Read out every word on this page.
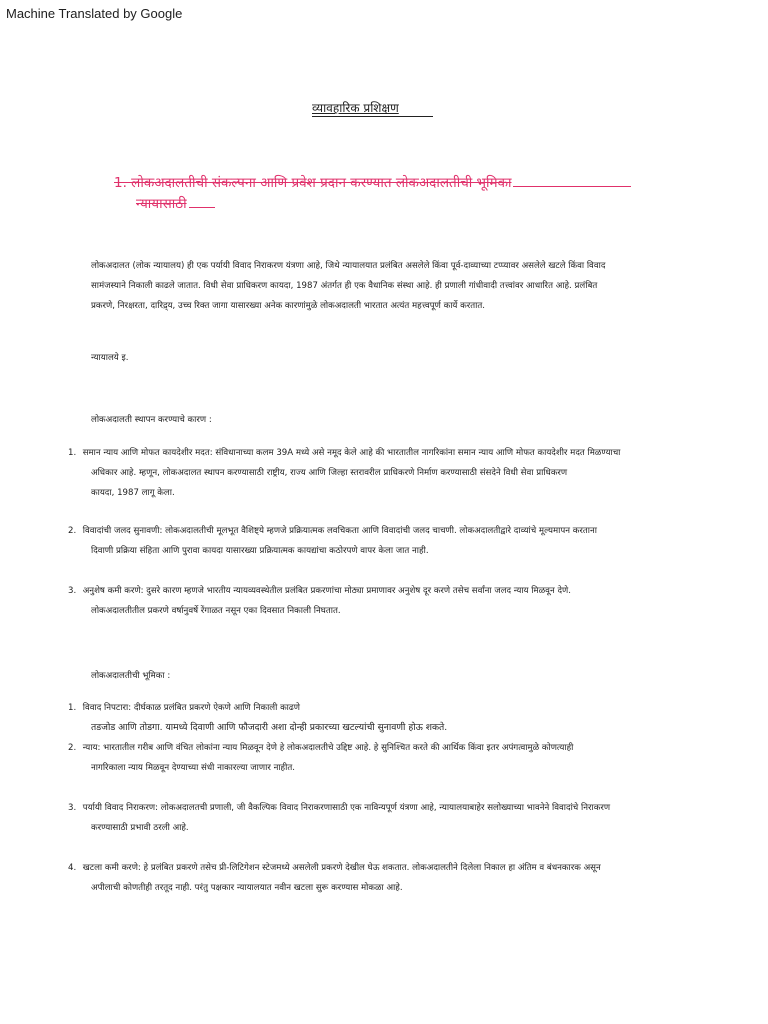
Machine Translated by Google
व्यावहारिक प्रशिक्षण
1. लोकअदालतीची संकल्पना आणि प्रवेश प्रदान करण्यात लोकअदालतीची भूमिका
न्यायासाठी
लोकअदालत (लोक न्यायालय) ही एक पर्यायी विवाद निराकरण यंत्रणा आहे, जिथे न्यायालयात प्रलंबित असलेले किंवा पूर्व-दाव्याच्या टप्प्यावर असलेले खटले किंवा विवाद
सामंजस्याने निकाली काढले जातात. विधी सेवा प्राधिकरण कायदा, 1987 अंतर्गत ही एक वैधानिक संस्था आहे. ही प्रणाली गांधीवादी तत्त्वांवर आधारित आहे. प्रलंबित
प्रकरणे, निरक्षरता, दारिद्र्य, उच्च रिक्त जागा यासारख्या अनेक कारणांमुळे लोकअदालती भारतात अत्यंत महत्त्वपूर्ण कार्ये करतात.
न्यायालये इ.
लोकअदालती स्थापन करण्याचे कारण :
1. समान न्याय आणि मोफत कायदेशीर मदत: संविधानाच्या कलम 39A मध्ये असे नमूद केले आहे की भारतातील नागरिकांना समान न्याय आणि मोफत कायदेशीर मदत मिळण्याचा
अधिकार आहे. म्हणून, लोकअदालत स्थापन करण्यासाठी राष्ट्रीय, राज्य आणि जिल्हा स्तरावरील प्राधिकरणे निर्माण करण्यासाठी संसदेने विधी सेवा प्राधिकरण
कायदा, 1987 लागू केला.
2. विवादांची जलद सुनावणी: लोकअदालतीची मूलभूत वैशिष्ट्ये म्हणजे प्रक्रियात्मक लवचिकता आणि विवादांची जलद चाचणी. लोकअदालतीद्वारे दाव्यांचे मूल्यमापन करताना
दिवाणी प्रक्रिया संहिता आणि पुरावा कायदा यासारख्या प्रक्रियात्मक कायद्यांचा कठोरपणे वापर केला जात नाही.
3. अनुशेष कमी करणे: दुसरे कारण म्हणजे भारतीय न्यायव्यवस्थेतील प्रलंबित प्रकरणांचा मोठ्या प्रमाणावर अनुशेष दूर करणे तसेच सर्वांना जलद न्याय मिळवून देणे.
लोकअदालतीतील प्रकरणे वर्षानुवर्षे रेंगाळत नसून एका दिवसात निकाली निघतात.
लोकअदालतीची भूमिका :
1. विवाद निपटारा: दीर्घकाळ प्रलंबित प्रकरणे ऐकणे आणि निकाली काढणे
तडजोड आणि तोडगा. यामध्ये दिवाणी आणि फौजदारी अशा दोन्ही प्रकारच्या खटल्यांची सुनावणी होऊ शकते.
2. न्याय: भारतातील गरीब आणि वंचित लोकांना न्याय मिळवून देणे हे लोकअदालतीचे उद्दिष्ट आहे. हे सुनिश्चित करते की आर्थिक किंवा इतर अपंगत्वामुळे कोणत्याही
नागरिकाला न्याय मिळवून देण्याच्या संधी नाकारल्या जाणार नाहीत.
3. पर्यायी विवाद निराकरण: लोकअदालतची प्रणाली, जी वैकल्पिक विवाद निराकरणासाठी एक नाविन्यपूर्ण यंत्रणा आहे, न्यायालयाबाहेर सलोख्याच्या भावनेने विवादांचे निराकरण
करण्यासाठी प्रभावी ठरली आहे.
4. खटला कमी करणे: हे प्रलंबित प्रकरणे तसेच प्री-लिटिगेशन स्टेजमध्ये असलेली प्रकरणे देखील घेऊ शकतात. लोकअदालतीने दिलेला निकाल हा अंतिम व बंधनकारक असून
अपीलाची कोणतीही तरतूद नाही. परंतु पक्षकार न्यायालयात नवीन खटला सुरू करण्यास मोकळा आहे.
